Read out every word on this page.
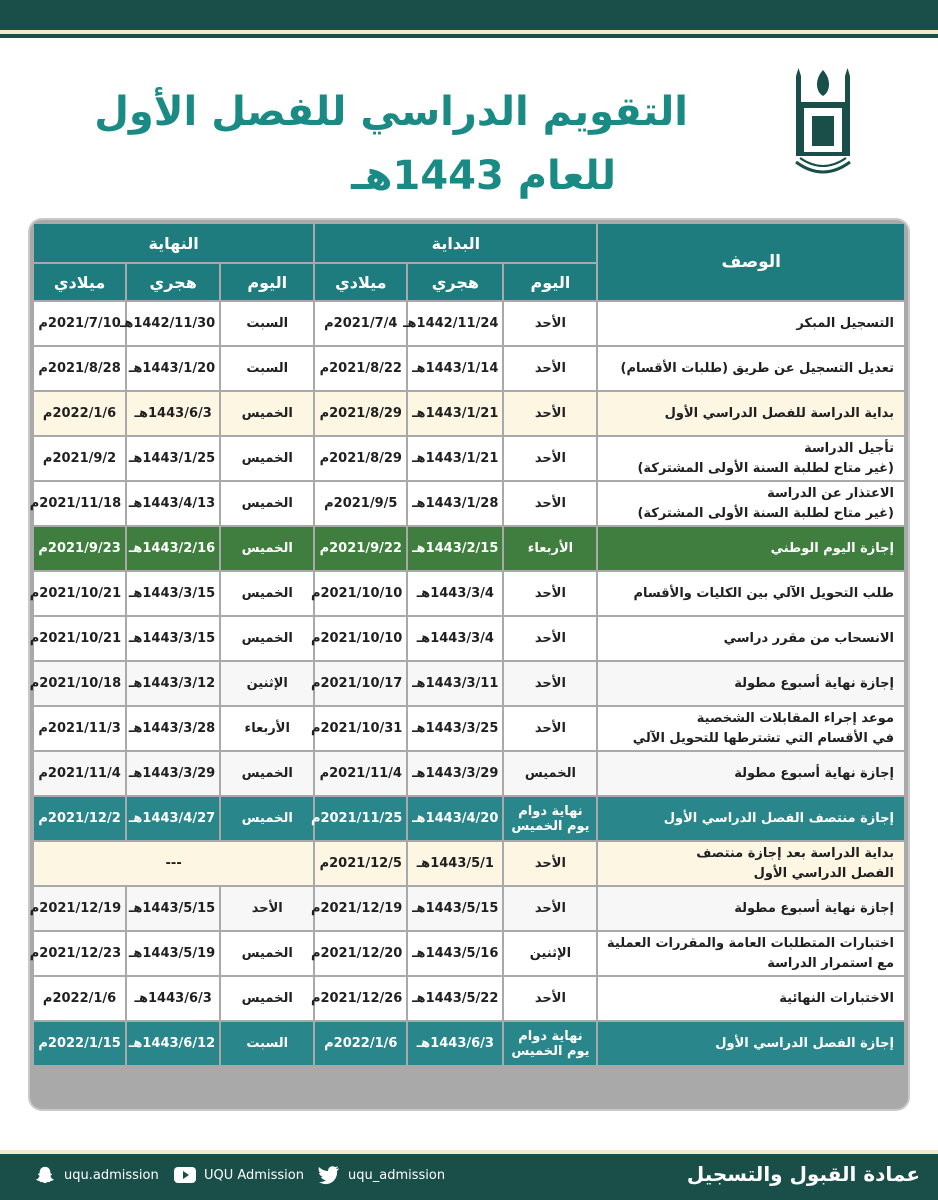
التقويم الدراسي للفصل الأول
للعام 1443هـ
الوصف	البداية			النهاية		
	اليوم	هجري	ميلادي	اليوم	هجري	ميلادي
التسجيل المبكر	الأحد	1442/11/24هـ	2021/7/4م	السبت	1442/11/30هـ	2021/7/10م
تعديل التسجيل عن طريق (طلبات الأقسام)	الأحد	1443/1/14هـ	2021/8/22م	السبت	1443/1/20هـ	2021/8/28م
بداية الدراسة للفصل الدراسي الأول	الأحد	1443/1/21هـ	2021/8/29م	الخميس	1443/6/3هـ	2022/1/6م

تأجيل الدراسة
(غير متاح لطلبة السنة الأولى المشتركة)	الأحد	1443/1/21هـ	2021/8/29م	الخميس	1443/1/25هـ	2021/9/2م

الاعتذار عن الدراسة
(غير متاح لطلبة السنة الأولى المشتركة)	الأحد	1443/1/28هـ	2021/9/5م	الخميس	1443/4/13هـ	2021/11/18م
إجازة اليوم الوطني	الأربعاء	1443/2/15هـ	2021/9/22م	الخميس	1443/2/16هـ	2021/9/23م
طلب التحويل الآلي بين الكليات والأقسام	الأحد	1443/3/4هـ	2021/10/10م	الخميس	1443/3/15هـ	2021/10/21م
الانسحاب من مقرر دراسي	الأحد	1443/3/4هـ	2021/10/10م	الخميس	1443/3/15هـ	2021/10/21م
إجازة نهاية أسبوع مطولة	الأحد	1443/3/11هـ	2021/10/17م	الإثنين	1443/3/12هـ	2021/10/18م

موعد إجراء المقابلات الشخصية
في الأقسام التي تشترطها للتحويل الآلي	الأحد	1443/3/25هـ	2021/10/31م	الأربعاء	1443/3/28هـ	2021/11/3م
إجازة نهاية أسبوع مطولة	الخميس	1443/3/29هـ	2021/11/4م	الخميس	1443/3/29هـ	2021/11/4م
إجازة منتصف الفصل الدراسي الأول	نهاية دوام
يوم الخميس	1443/4/20هـ	2021/11/25م	الخميس	1443/4/27هـ	2021/12/2م

بداية الدراسة بعد إجازة منتصف
الفصل الدراسي الأول	الأحد	1443/5/1هـ	2021/12/5م	---		
إجازة نهاية أسبوع مطولة	الأحد	1443/5/15هـ	2021/12/19م	الأحد	1443/5/15هـ	2021/12/19م

اختبارات المتطلبات العامة والمقررات العملية
مع استمرار الدراسة	الإثنين	1443/5/16هـ	2021/12/20م	الخميس	1443/5/19هـ	2021/12/23م
الاختبارات النهائية	الأحد	1443/5/22هـ	2021/12/26م	الخميس	1443/6/3هـ	2022/1/6م
إجازة الفصل الدراسي الأول	نهاية دوام
يوم الخميس	1443/6/3هـ	2022/1/6م	السبت	1443/6/12هـ	2022/1/15م
عمادة القبول والتسجيل
uqu.admission	UQU Admission	uqu_admission
